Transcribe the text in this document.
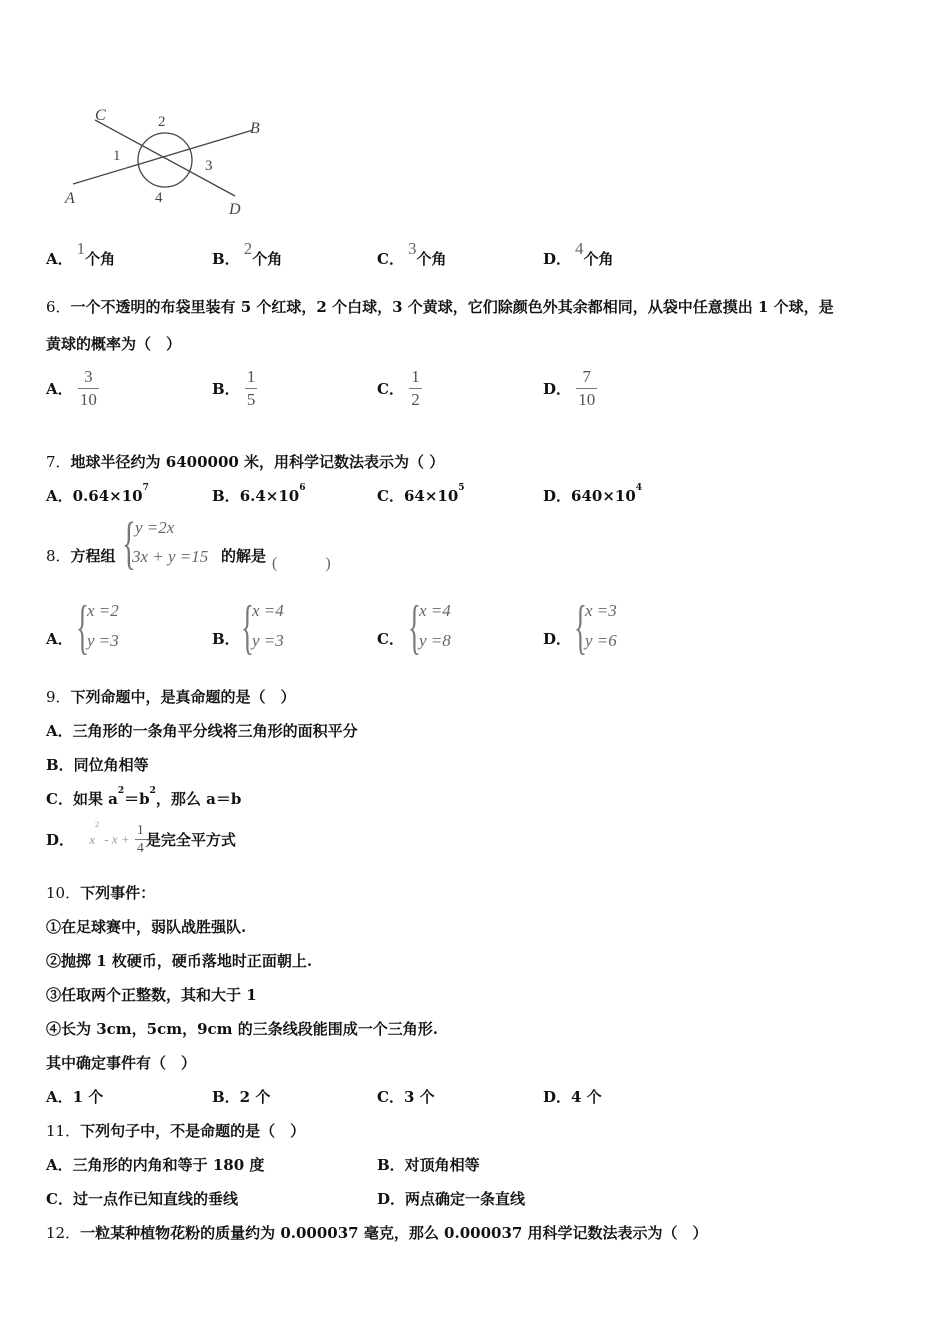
C
B
A
D
1
2
3
4
A．1个角	B．2个角	C．3个角	D．4个角
6．一个不透明的布袋里装有 5 个红球，2 个白球，3 个黄球，它们除颜色外其余都相同，从袋中任意摸出 1 个球，是
黄球的概率为（　）
A． $\frac{3}{10}$	B． $\frac{1}{5}$	C． $\frac{1}{2}$	D． $\frac{7}{10}$
7．地球半径约为 6400000 米，用科学记数法表示为（ ）
A．$0.64\times 10^7$	B．$6.4\times 10^6$	C．$64\times 10^5$	D．$640\times 10^4$
8．方程组 { y =2x
3x + y =15 的解是 (　　　)
A． {
x =2
y =3	B． {
x =4
y =3	C． {
x =4
y =8	D． {
x =3
y =6
9．下列命题中，是真命题的是（　）
A．三角形的一条角平分线将三角形的面积平分
B．同位角相等
C．如果 $a^2=b^2$，那么 a＝b
D． $x^2 - x + \frac{1}{4}$ 是完全平方式
10．下列事件：
①在足球赛中，弱队战胜强队.
②抛掷 1 枚硬币，硬币落地时正面朝上.
③任取两个正整数，其和大于 1
④长为 3cm，5cm，9cm 的三条线段能围成一个三角形.
其中确定事件有（　）
A．1 个	B．2 个	C．3 个	D．4 个
11．下列句子中，不是命题的是（　）
A．三角形的内角和等于 180 度	B．对顶角相等
C．过一点作已知直线的垂线	D．两点确定一条直线
12．一粒某种植物花粉的质量约为 0.000037 毫克，那么 0.000037 用科学记数法表示为（　）
